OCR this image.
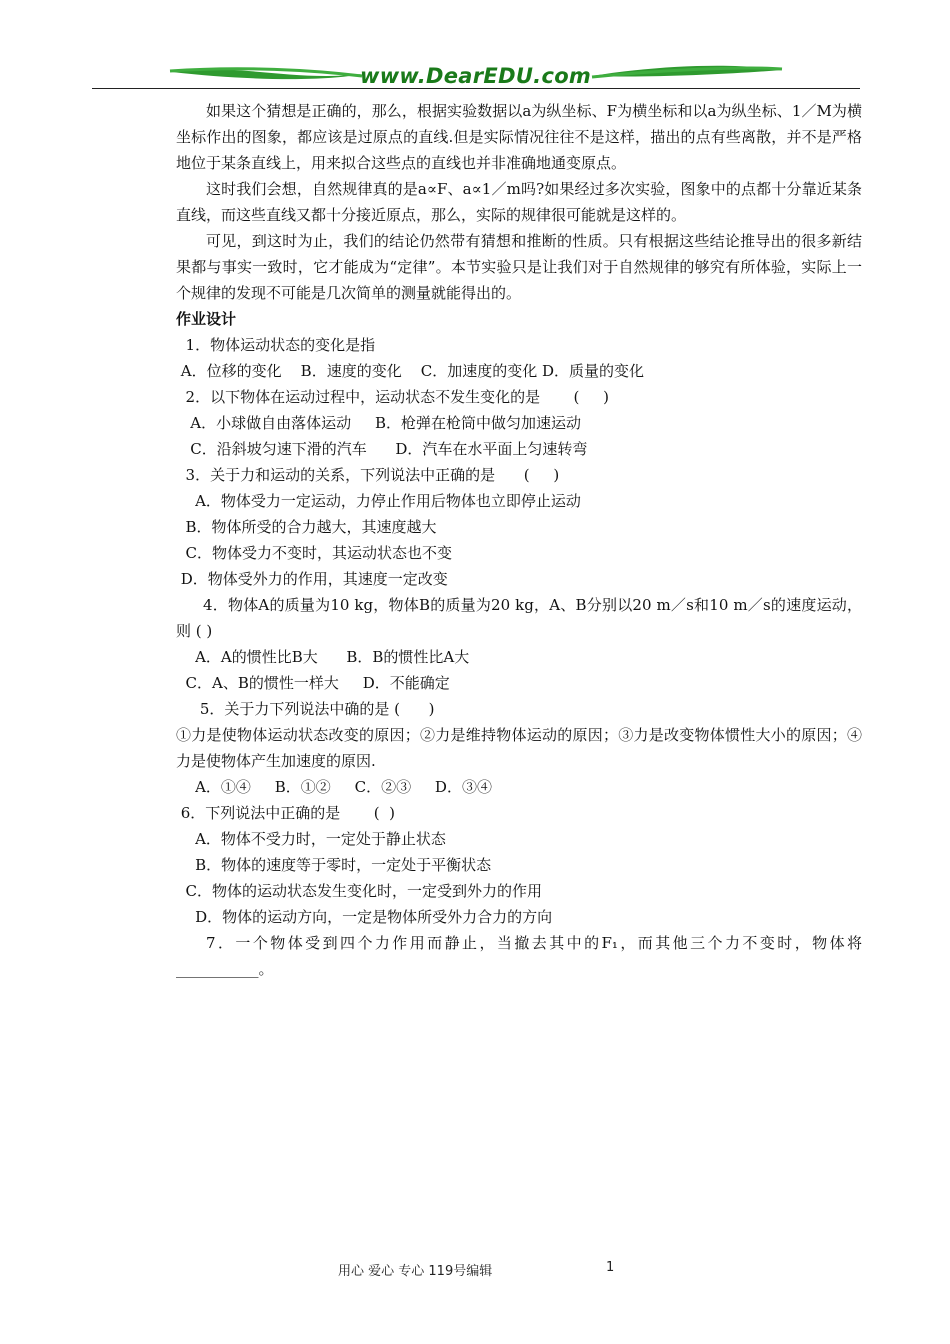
www.DearEDU.com

如果这个猜想是正确的，那么，根据实验数据以a为纵坐标、F为横坐标和以a为纵坐标、1／M为横坐标作出的图象，都应该是过原点的直线.但是实际情况往往不是这样，描出的点有些离散，并不是严格地位于某条直线上，用来拟合这些点的直线也并非准确地通变原点。

这时我们会想，自然规律真的是a∝F、a∝1／m吗?如果经过多次实验，图象中的点都十分靠近某条直线，而这些直线又都十分接近原点，那么，实际的规律很可能就是这样的。

可见，到这时为止，我们的结论仍然带有猜想和推断的性质。只有根据这些结论推导出的很多新结果都与事实一致时，它才能成为“定律”。本节实验只是让我们对于自然规律的够究有所体验，实际上一个规律的发现不可能是几次简单的测量就能得出的。

作业设计

1．物体运动状态的变化是指

A．位移的变化    B．速度的变化    C．加速度的变化 D．质量的变化

2．以下物体在运动过程中，运动状态不发生变化的是       (     )

A．小球做自由落体运动     B．枪弹在枪筒中做匀加速运动

C．沿斜坡匀速下滑的汽车      D．汽车在水平面上匀速转弯

3．关于力和运动的关系，下列说法中正确的是      (     )

A．物体受力一定运动，力停止作用后物体也立即停止运动

B．物体所受的合力越大，其速度越大

C．物体受力不变时，其运动状态也不变

D．物体受外力的作用，其速度一定改变

4．物体A的质量为10 kg，物体B的质量为20 kg，A、B分别以20 m／s和10 m／s的速度运动，则 ( )

A．A的惯性比B大      B．B的惯性比A大

C．A、B的惯性一样大     D．不能确定

5．关于力下列说法中确的是 (      )

①力是使物体运动状态改变的原因；②力是维持物体运动的原因；③力是改变物体惯性大小的原因；④力是使物体产生加速度的原因.

A．①④     B．①②     C．②③     D．③④

6．下列说法中正确的是       (  )

A．物体不受力时，一定处于静止状态

B．物体的速度等于零时，一定处于平衡状态

C．物体的运动状态发生变化时，一定受到外力的作用

D．物体的运动方向，一定是物体所受外力合力的方向

7．一个物体受到四个力作用而静止，当撤去其中的F₁，而其他三个力不变时，物体将___________。

用心 爱心 专心 119号编辑	1
